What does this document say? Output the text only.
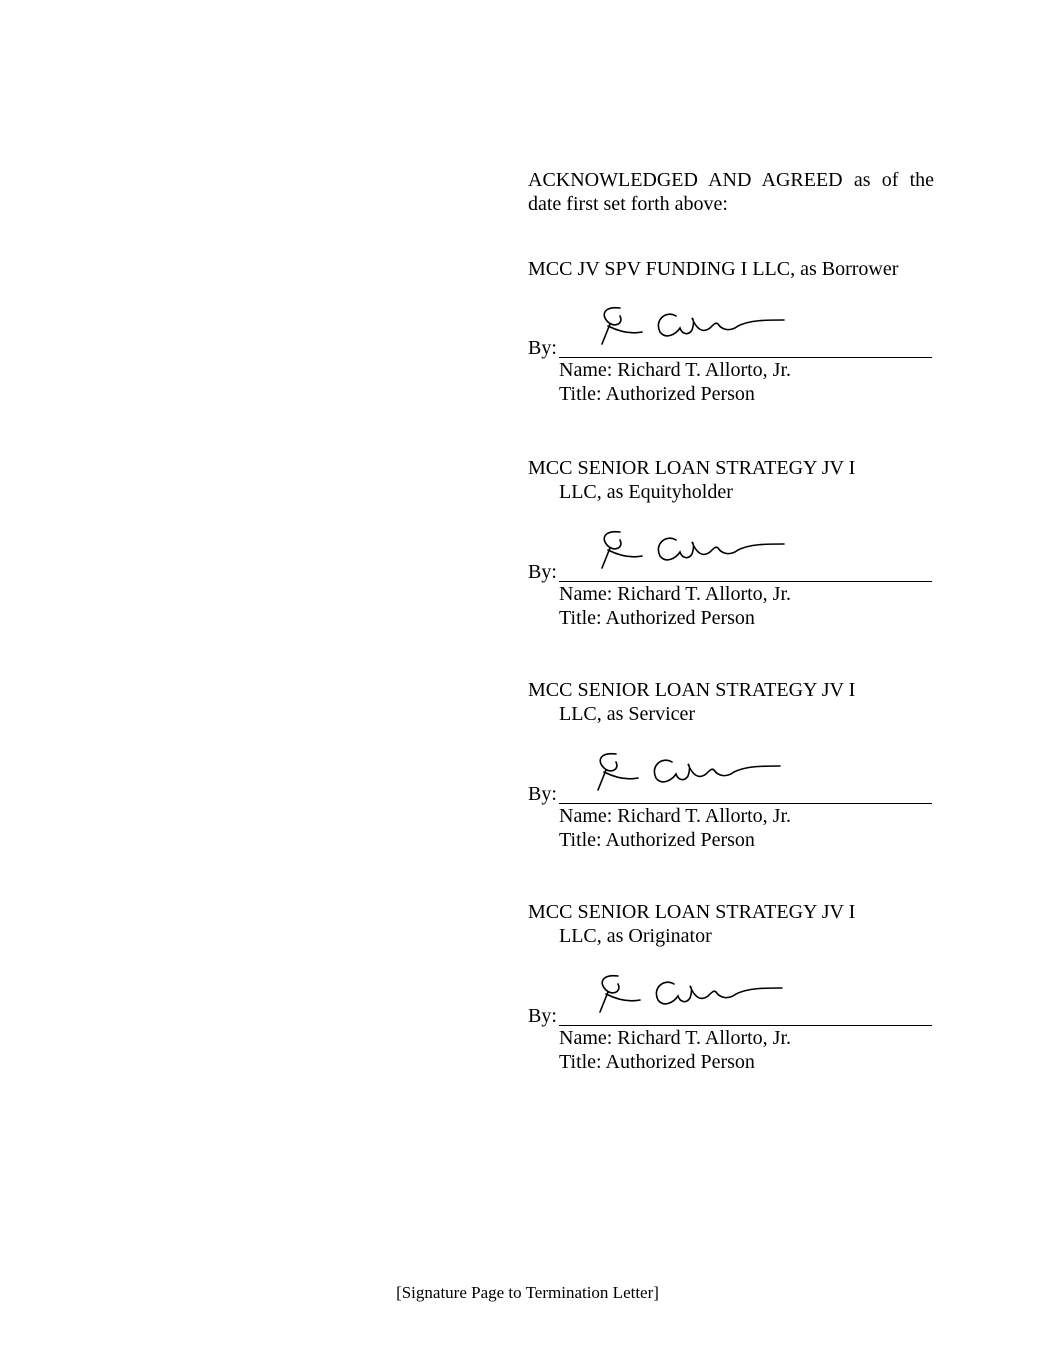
ACKNOWLEDGED AND AGREED as of the date first set forth above:
MCC JV SPV FUNDING I LLC, as Borrower
By:
Name: Richard T. Allorto, Jr.
Title: Authorized Person
MCC SENIOR LOAN STRATEGY JV I
LLC, as Equityholder
By:
Name: Richard T. Allorto, Jr.
Title: Authorized Person
MCC SENIOR LOAN STRATEGY JV I
LLC, as Servicer
By:
Name: Richard T. Allorto, Jr.
Title: Authorized Person
MCC SENIOR LOAN STRATEGY JV I
LLC, as Originator
By:
Name: Richard T. Allorto, Jr.
Title: Authorized Person
[Signature Page to Termination Letter]
